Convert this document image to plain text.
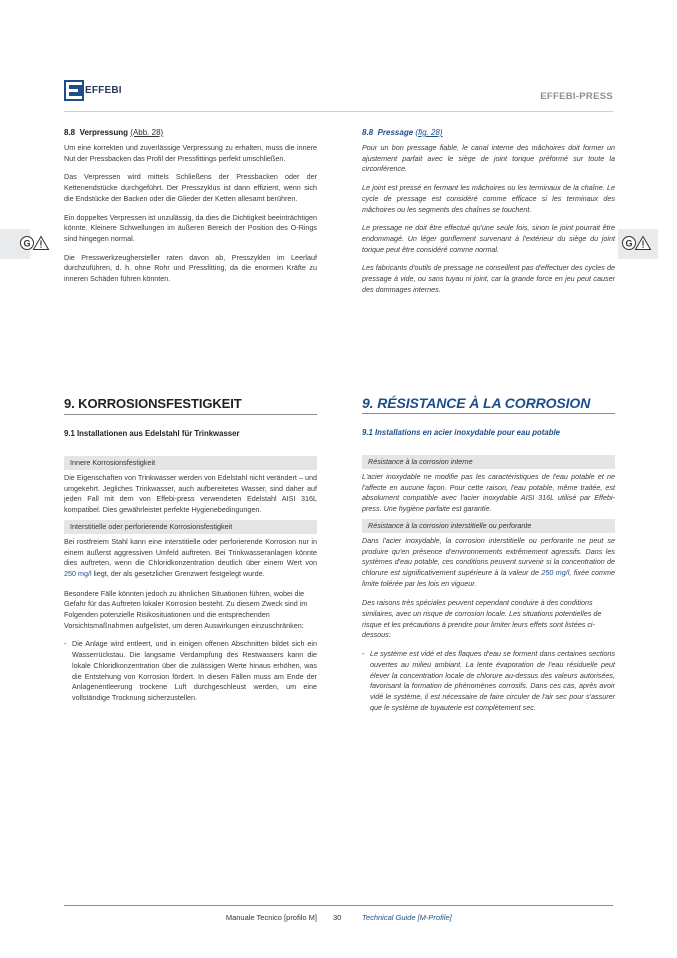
EFFEBI
EFFEBI-PRESS
8.8 Verpressung (Abb. 28)

Um eine korrekten und zuverlässige Verpressung zu erhalten, muss die innere Nut der Pressbacken das Profil der Pressfittings perfekt umschließen.

Das Verpressen wird mittels Schließens der Pressbacken oder der Kettenendstücke durchgeführt. Der Presszyklus ist dann effizient, wenn sich die Endstücke der Backen oder die Glieder der Ketten allesamt berühren.

Ein doppeltes Verpressen ist unzulässig, da dies die Dichtigkeit beeinträchtigen könnte. Kleinere Schwellungen im äußeren Bereich der Position des O-Rings sind hingegen normal.

Die Presswerkzeughersteller raten davon ab, Presszyklen im Leerlauf durchzuführen, d. h. ohne Rohr und Pressfitting, da die enormen Kräfte zu inneren Schäden führen könnten.

9. KORROSIONSFESTIGKEIT
9.1 Installationen aus Edelstahl für Trinkwasser
Innere Korrosionsfestigkeit

Die Eigenschaften von Trinkwasser werden von Edelstahl nicht verändert – und umgekehrt. Jegliches Trinkwasser, auch aufbereitetes Wasser, sind daher auf jeden Fall mit dem von Effebi-press verwendeten Edelstahl AISI 316L kompatibel. Dies gewährleistet perfekte Hygienebedingungen.

Interstitielle oder perforierende Korrosionsfestigkeit

Bei rostfreiem Stahl kann eine interstitielle oder perforierende Korrosion nur in einem äußerst aggressiven Umfeld auftreten. Bei Trinkwasseranlagen könnte dies auftreten, wenn die Chloridkonzentration deutlich über einem Wert von 250 mg/l liegt, der als gesetzlicher Grenzwert festgelegt wurde.

Besondere Fälle könnten jedoch zu ähnlichen Situationen führen, wobei die Gefahr für das Auftreten lokaler Korrosion besteht. Zu diesem Zweck sind im Folgenden potenzielle Risikosituationen und die entsprechenden Vorsichtsmaßnahmen aufgelistet, um deren Auswirkungen einzuschränken:

- Die Anlage wird entleert, und in einigen offenen Abschnitten bildet sich ein Wasserrückstau. Die langsame Verdampfung des Restwassers kann die lokale Chloridkonzentration über die zulässigen Werte hinaus erhöhen, was die Entstehung von Korrosion fördert. In diesen Fällen muss am Ende der Anlagenentleerung trockene Luft durchgeschleust werden, um eine vollständige Trocknung sicherzustellen.
8.8 Pressage (fig. 28)

Pour un bon pressage fiable, le canal interne des mâchoires doit former un ajustement parfait avec le siège de joint torique préformé sur toute la circonférence.

Le joint est pressé en fermant les mâchoires ou les terminaux de la chaîne. Le cycle de pressage est considéré comme efficace si les terminaux des mâchoires ou les segments des chaînes se touchent.

Le pressage ne doit être effectué qu'une seule fois, sinon le joint pourrait être endommagé. Un léger gonflement survenant à l'extérieur du siège du joint torique peut être considéré comme normal.

Les fabricants d'outils de pressage ne conseillent pas d'effectuer des cycles de pressage à vide, ou sans tuyau ni joint, car la grande force en jeu peut causer des dommages internes.

9. RÉSISTANCE À LA CORROSION
9.1 Installations en acier inoxydable pour eau potable
Résistance à la corrosion interne

L'acier inoxydable ne modifie pas les caractéristiques de l'eau potable et ne l'affecte en aucune façon. Pour cette raison, l'eau potable, même traitée, est absolument compatible avec l'acier inoxydable AISI 316L utilisé par Effebi-press. Une hygiène parfaite est garantie.

Résistance à la corrosion interstitielle ou perforante

Dans l'acier inoxydable, la corrosion interstitielle ou perforante ne peut se produire qu'en présence d'environnements extrêmement agressifs. Dans les systèmes d'eau potable, ces conditions peuvent survenir si la concentration de chlorure est significativement supérieure à la valeur de 250 mg/l, fixée comme limite tolérée par les lois en vigueur.

Des raisons très spéciales peuvent cependant conduire à des conditions similaires, avec un risque de corrosion locale. Les situations potentielles de risque et les précautions à prendre pour limiter leurs effets sont listées ci-dessous:

- Le système est vidé et des flaques d'eau se forment dans certaines sections ouvertes au milieu ambiant. La lente évaporation de l'eau résiduelle peut élever la concentration locale de chlorure au-dessus des valeurs autorisées, favorisant la formation de phénomènes corrosifs. Dans ces cas, après avoir vidé le système, il est nécessaire de faire circuler de l'air sec pour s'assurer que le système de tuyauterie est complètement sec.
G	G
Manuale Tecnico [profilo M] 30	Technical Guide [M-Profile]
